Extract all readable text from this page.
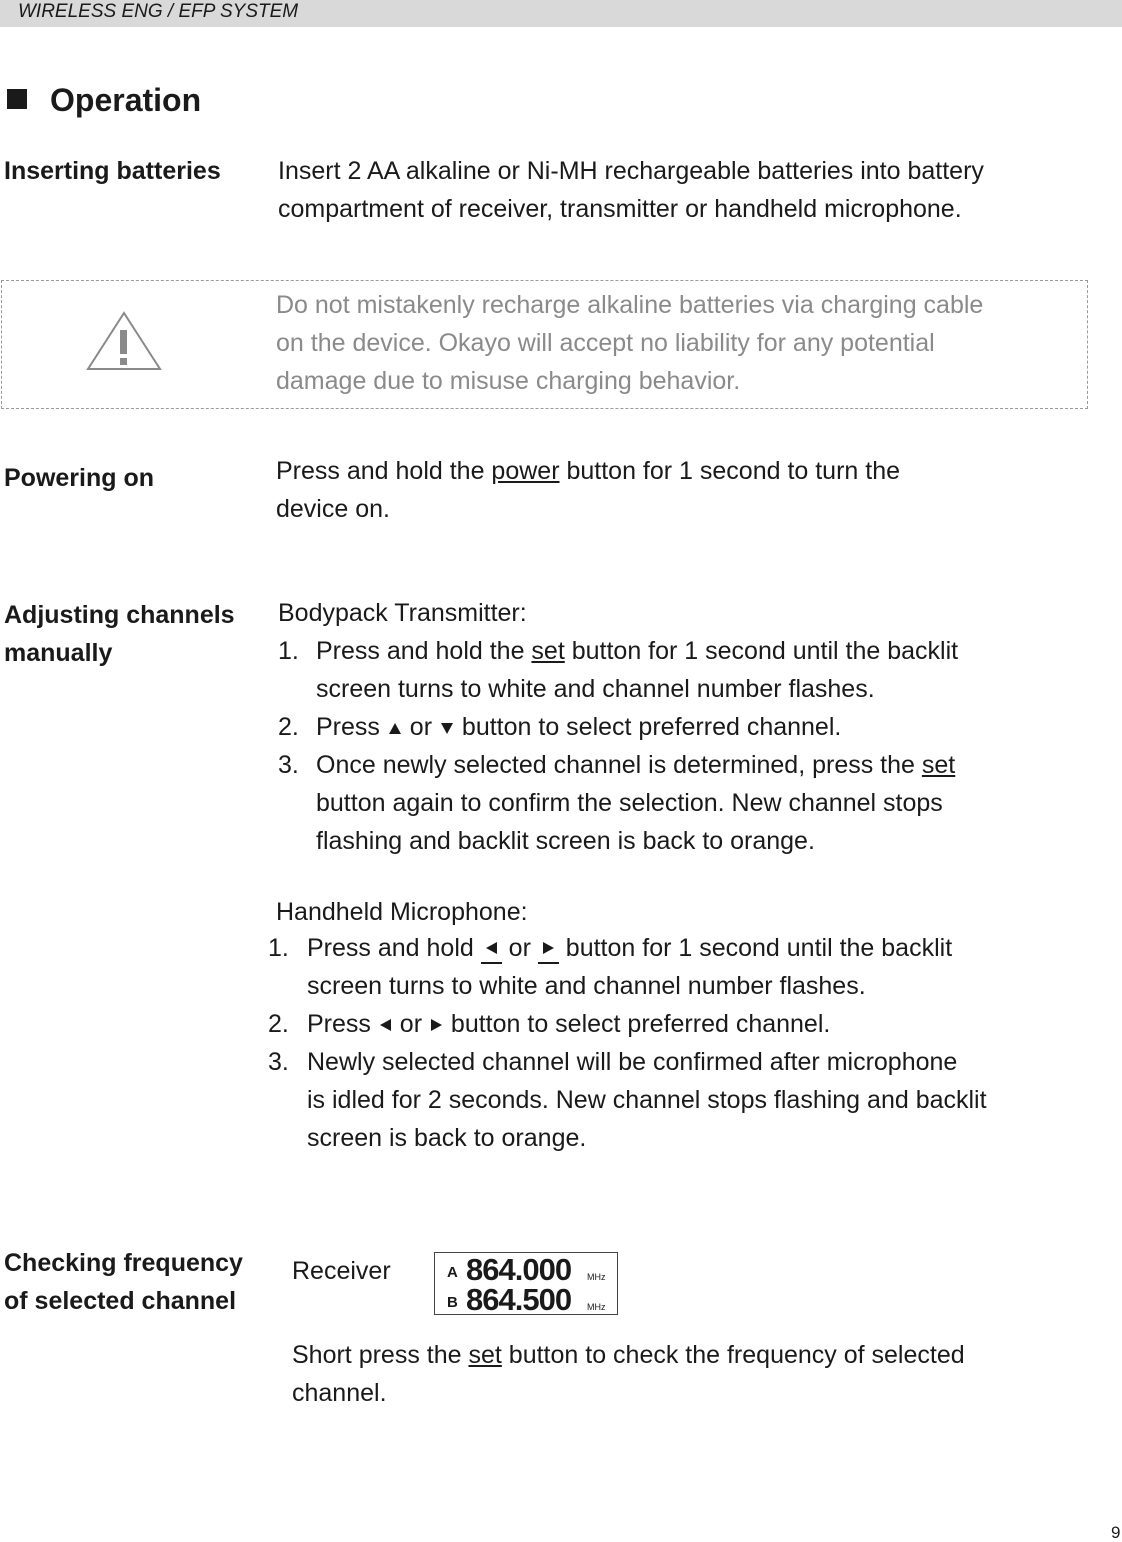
WIRELESS ENG / EFP SYSTEM
Operation
Inserting batteries Insert 2 AA alkaline or Ni-MH rechargeable batteries into battery
compartment of receiver, transmitter or handheld microphone.
Do not mistakenly recharge alkaline batteries via charging cable
on the device. Okayo will accept no liability for any potential
damage due to misuse charging behavior.
Powering on	Press and hold the power button for 1 second to turn the
device on.
Adjusting channels
manually
Bodypack Transmitter:
1. Press and hold the set button for 1 second until the backlit
screen turns to white and channel number flashes.
2. Press  or  button to select preferred channel.
3. Once newly selected channel is determined, press the set
button again to confirm the selection. New channel stops
flashing and backlit screen is back to orange.
Handheld Microphone:
1. Press and hold  or  button for 1 second until the backlit
screen turns to white and channel number flashes.
2. Press  or  button to select preferred channel.
3. Newly selected channel will be confirmed after microphone
is idled for 2 seconds. New channel stops flashing and backlit
screen is back to orange.
Checking frequency
of selected channel
Receiver	A 864.000 MHz
B 864.500 MHz
Short press the set button to check the frequency of selected
channel.
9
